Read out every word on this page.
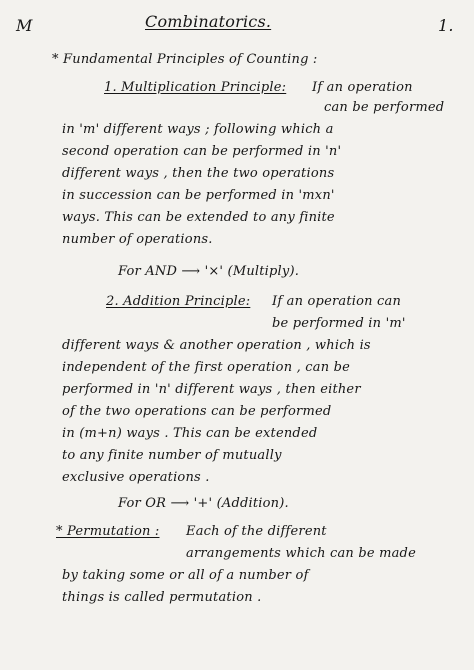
M	Combinatorics.	1.
* Fundamental Principles of Counting :
1. Multiplication Principle: If an operation
can be performed
in 'm' different ways ; following which a
second operation can be performed in 'n'
different ways , then the two operations
in succession can be performed in 'mxn'
ways. This can be extended to any finite
number of operations.
For AND ⟶ '×' (Multiply).
2. Addition Principle: If an operation can
be performed in 'm'
different ways & another operation , which is
independent of the first operation , can be
performed in 'n' different ways , then either
of the two operations can be performed
in (m+n) ways . This can be extended
to any finite number of mutually
exclusive operations .
For OR ⟶ '+' (Addition).
* Permutation : Each of the different
arrangements which can be made
by taking some or all of a number of
things is called permutation .
